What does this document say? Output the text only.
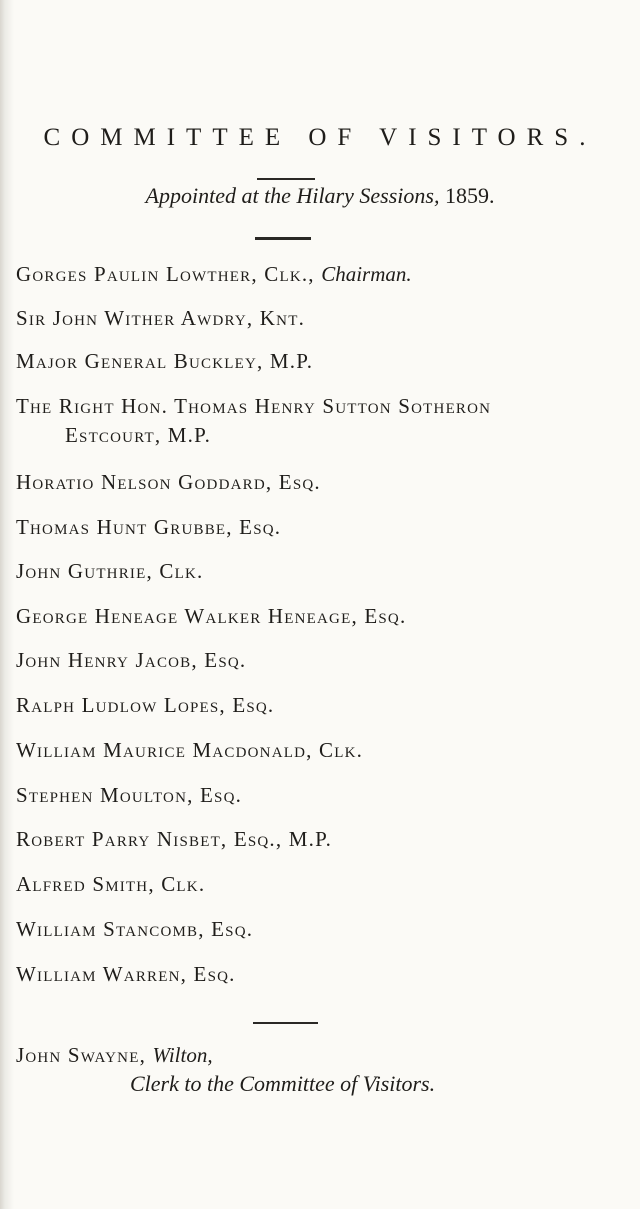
COMMITTEE OF VISITORS.
Appointed at the Hilary Sessions, 1859.
Gorges Paulin Lowther, Clk., Chairman.
Sir John Wither Awdry, Knt.
Major General Buckley, M.P.
The Right Hon. Thomas Henry Sutton Sotheron
Estcourt, M.P.
Horatio Nelson Goddard, Esq.
Thomas Hunt Grubbe, Esq.
John Guthrie, Clk.
George Heneage Walker Heneage, Esq.
John Henry Jacob, Esq.
Ralph Ludlow Lopes, Esq.
William Maurice Macdonald, Clk.
Stephen Moulton, Esq.
Robert Parry Nisbet, Esq., M.P.
Alfred Smith, Clk.
William Stancomb, Esq.
William Warren, Esq.
John Swayne, Wilton,
Clerk to the Committee of Visitors.
